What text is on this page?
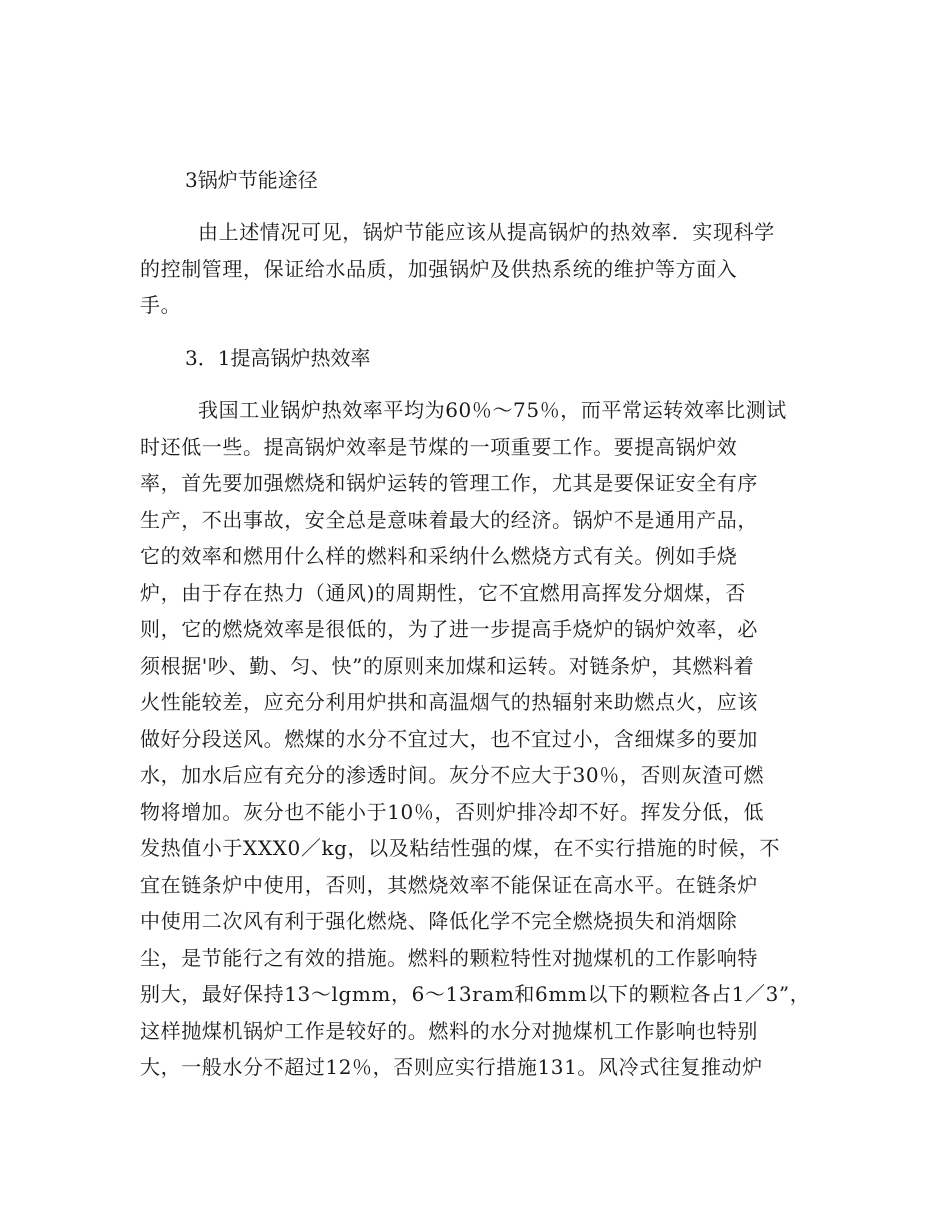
3锅炉节能途径
由上述情况可见，锅炉节能应该从提高锅炉的热效率．实现科学
的控制管理，保证给水品质，加强锅炉及供热系统的维护等方面入
手。
3．1提高锅炉热效率
我国工业锅炉热效率平均为60％～75％，而平常运转效率比测试
时还低一些。提高锅炉效率是节煤的一项重要工作。要提高锅炉效
率，首先要加强燃烧和锅炉运转的管理工作，尤其是要保证安全有序
生产，不出事故，安全总是意味着最大的经济。锅炉不是通用产品，
它的效率和燃用什么样的燃料和采纳什么燃烧方式有关。例如手烧
炉，由于存在热力（通风)的周期性，它不宜燃用高挥发分烟煤，否
则，它的燃烧效率是很低的，为了进一步提高手烧炉的锅炉效率，必
须根据'吵、勤、匀、快”的原则来加煤和运转。对链条炉，其燃料着
火性能较差，应充分利用炉拱和高温烟气的热辐射来助燃点火，应该
做好分段送风。燃煤的水分不宜过大，也不宜过小，含细煤多的要加
水，加水后应有充分的渗透时间。灰分不应大于30％，否则灰渣可燃
物将增加。灰分也不能小于10％，否则炉排冷却不好。挥发分低，低
发热值小于XXX0／kg，以及粘结性强的煤，在不实行措施的时候，不
宜在链条炉中使用，否则，其燃烧效率不能保证在高水平。在链条炉
中使用二次风有利于强化燃烧、降低化学不完全燃烧损失和消烟除
尘，是节能行之有效的措施。燃料的颗粒特性对抛煤机的工作影响特
别大，最好保持13～lgmm，6～13ram和6mm以下的颗粒各占1／3”，
这样抛煤机锅炉工作是较好的。燃料的水分对抛煤机工作影响也特别
大，一般水分不超过12％，否则应实行措施131。风冷式往复推动炉
